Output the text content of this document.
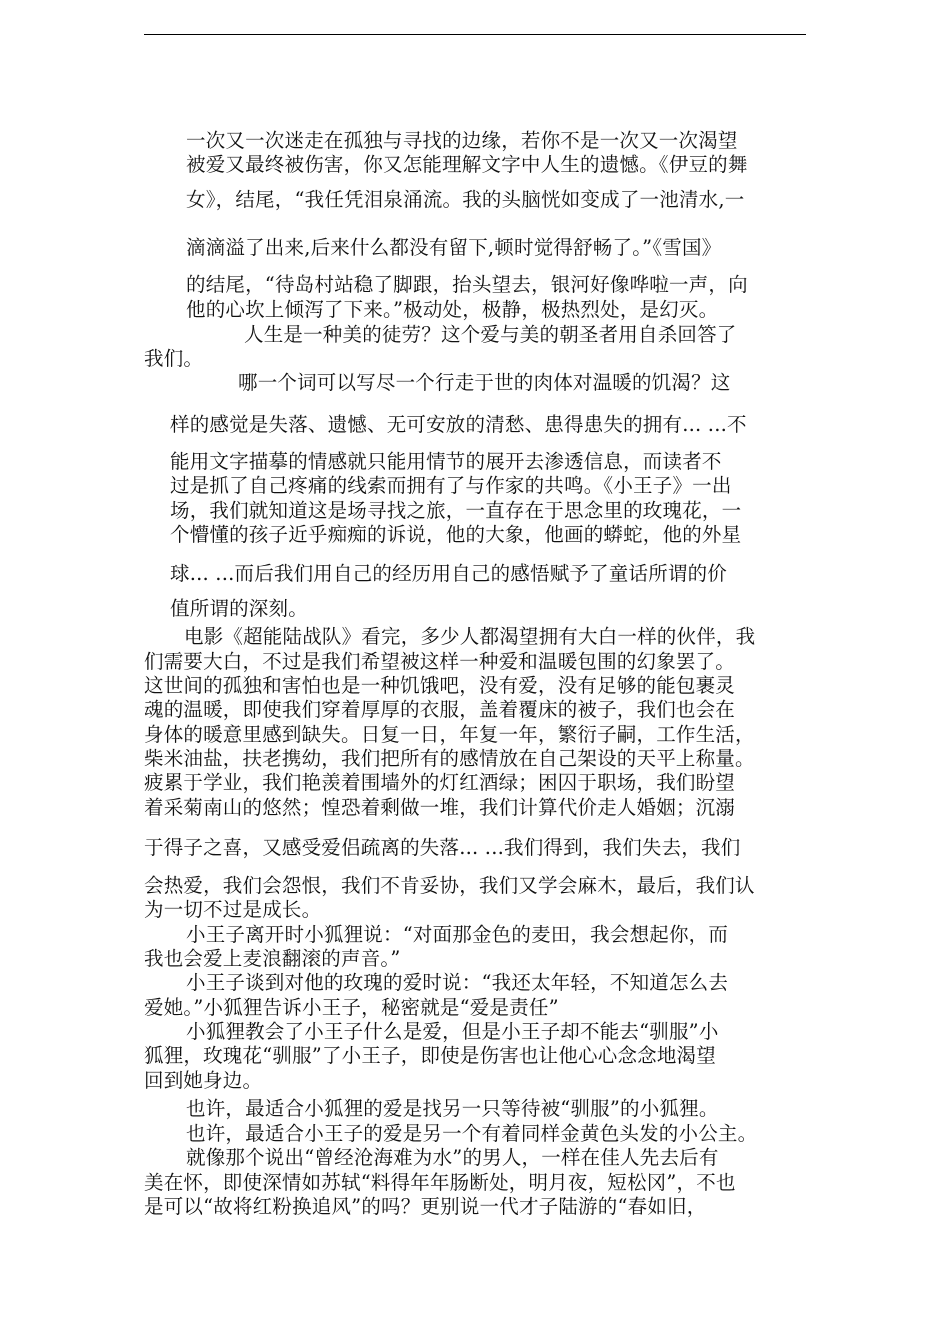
一次又一次迷走在孤独与寻找的边缘，若你不是一次又一次渴望

被爱又最终被伤害，你又怎能理解文字中人生的遗憾。《伊豆的舞

女》，结尾，“我任凭泪泉涌流。我的头脑恍如变成了一池清水,一

滴滴溢了出来,后来什么都没有留下,顿时觉得舒畅了。”《雪国》

的结尾，“待岛村站稳了脚跟，抬头望去，银河好像哗啦一声，向

他的心坎上倾泻了下来。”极动处，极静，极热烈处，是幻灭。

人生是一种美的徒劳？这个爱与美的朝圣者用自杀回答了

我们。

哪一个词可以写尽一个行走于世的肉体对温暖的饥渴？这

样的感觉是失落、遗憾、无可安放的清愁、患得患失的拥有... ...不

能用文字描摹的情感就只能用情节的展开去渗透信息，而读者不

过是抓了自己疼痛的线索而拥有了与作家的共鸣。《小王子》一出

场，我们就知道这是场寻找之旅，一直存在于思念里的玫瑰花，一

个懵懂的孩子近乎痴痴的诉说，他的大象，他画的蟒蛇，他的外星

球... ...而后我们用自己的经历用自己的感悟赋予了童话所谓的价

值所谓的深刻。

电影《超能陆战队》看完，多少人都渴望拥有大白一样的伙伴，我

们需要大白，不过是我们希望被这样一种爱和温暖包围的幻象罢了。

这世间的孤独和害怕也是一种饥饿吧，没有爱，没有足够的能包裹灵

魂的温暖，即使我们穿着厚厚的衣服，盖着覆床的被子，我们也会在

身体的暖意里感到缺失。日复一日，年复一年，繁衍子嗣，工作生活，

柴米油盐，扶老携幼，我们把所有的感情放在自己架设的天平上称量。

疲累于学业，我们艳羡着围墙外的灯红酒绿；困囚于职场，我们盼望

着采菊南山的悠然；惶恐着剩做一堆，我们计算代价走人婚姻；沉溺

于得子之喜，又感受爱侣疏离的失落... ...我们得到，我们失去，我们

会热爱，我们会怨恨，我们不肯妥协，我们又学会麻木，最后，我们认

为一切不过是成长。

小王子离开时小狐狸说：“对面那金色的麦田，我会想起你，而

我也会爱上麦浪翻滚的声音。”

小王子谈到对他的玫瑰的爱时说：“我还太年轻，不知道怎么去

爱她。”小狐狸告诉小王子，秘密就是“爱是责任”

小狐狸教会了小王子什么是爱，但是小王子却不能去“驯服”小

狐狸，玫瑰花“驯服”了小王子，即使是伤害也让他心心念念地渴望

回到她身边。

也许，最适合小狐狸的爱是找另一只等待被“驯服”的小狐狸。

也许，最适合小王子的爱是另一个有着同样金黄色头发的小公主。

就像那个说出“曾经沧海难为水”的男人，一样在佳人先去后有

美在怀，即使深情如苏轼“料得年年肠断处，明月夜，短松冈”，不也

是可以“故将红粉换追风”的吗？更别说一代才子陆游的“春如旧，
